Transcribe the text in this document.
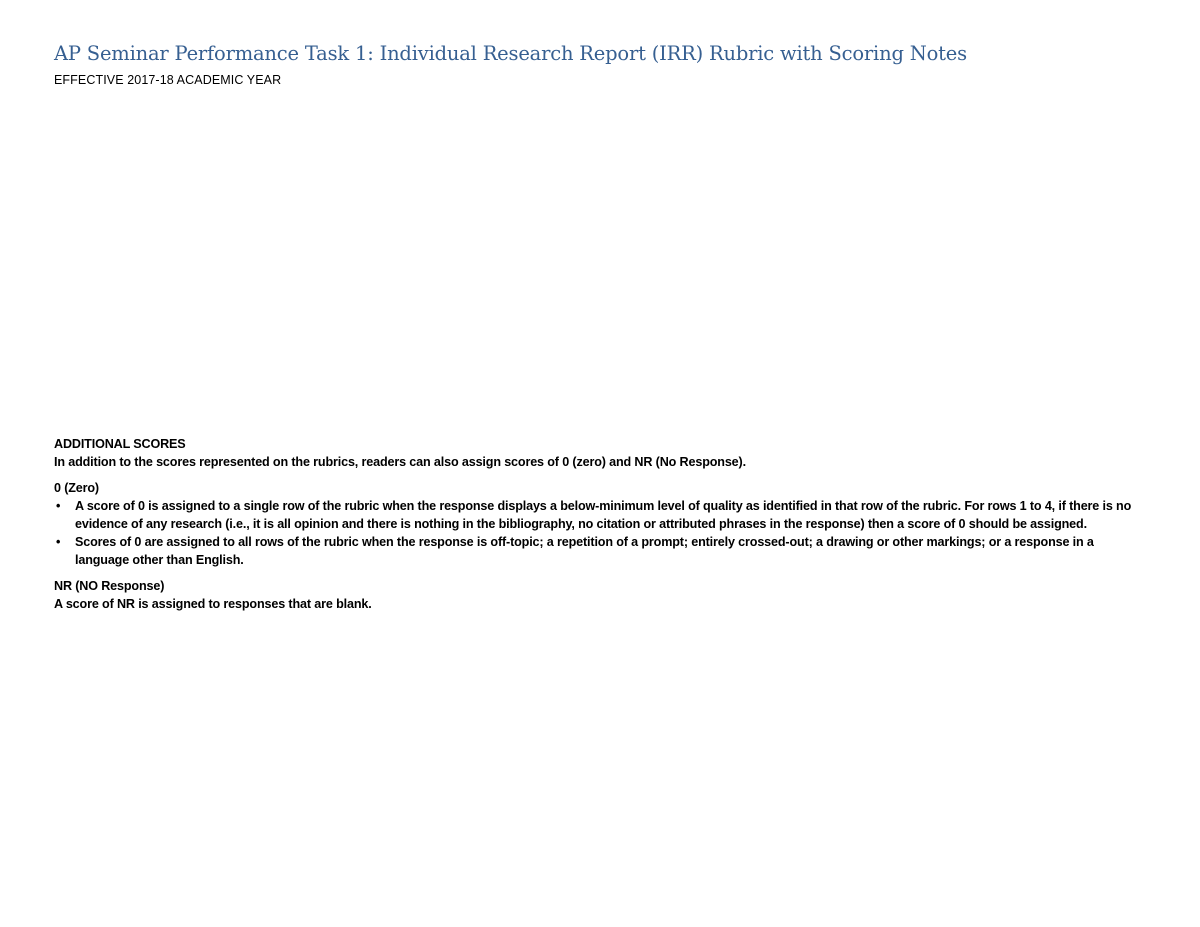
AP Seminar Performance Task 1: Individual Research Report (IRR) Rubric with Scoring Notes
EFFECTIVE 2017-18 ACADEMIC YEAR

ADDITIONAL SCORES

In addition to the scores represented on the rubrics, readers can also assign scores of 0 (zero) and NR (No Response).

0 (Zero)

• A score of 0 is assigned to a single row of the rubric when the response displays a below-minimum level of quality as identified in that row of the rubric. For rows 1 to 4, if there is no evidence of any research (i.e., it is all opinion and there is nothing in the bibliography, no citation or attributed phrases in the response) then a score of 0 should be assigned.
• Scores of 0 are assigned to all rows of the rubric when the response is off-topic; a repetition of a prompt; entirely crossed-out; a drawing or other markings; or a response in a language other than English.

NR (NO Response)

A score of NR is assigned to responses that are blank.
